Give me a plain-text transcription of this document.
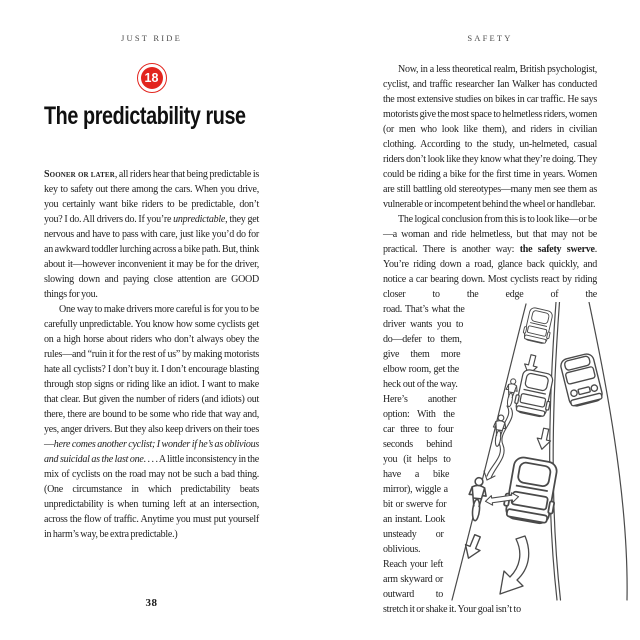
JUST RIDE
18
The predictability ruse

Sooner or later, all riders hear that being predictable is key to safety out there among the cars. When you drive, you certainly want bike riders to be predictable, don’t you? I do. All drivers do. If you’re unpredictable, they get nervous and have to pass with care, just like you’d do for an awkward toddler lurching across a bike path. But, think about it—however inconvenient it may be for the driver, slowing down and paying close attention are GOOD things for you.

One way to make drivers more careful is for you to be carefully unpredictable. You know how some cyclists get on a high horse about riders who don’t always obey the rules—and “ruin it for the rest of us” by making motorists hate all cyclists? I don’t buy it. I don’t encourage blasting through stop signs or riding like an idiot. I want to make that clear. But given the number of riders (and idiots) out there, there are bound to be some who ride that way and, yes, anger drivers. But they also keep drivers on their toes—here comes another cyclist; I wonder if he’s as oblivious and suicidal as the last one. . . . A little inconsistency in the mix of cyclists on the road may not be such a bad thing. (One circumstance in which predictability beats unpredictability is when turning left at an intersection, across the flow of traffic. Anytime you must put yourself in harm’s way, be extra predictable.)

38
SAFETY

Now, in a less theoretical realm, British psychologist, cyclist, and traffic researcher Ian Walker has conducted the most extensive studies on bikes in car traffic. He says motorists give the most space to helmetless riders, women (or men who look like them), and riders in civilian clothing. According to the study, un-helmeted, casual riders don’t look like they know what they’re doing. They could be riding a bike for the first time in years. Women are still battling old stereotypes—many men see them as vulnerable or incompetent behind the wheel or handlebar.

The logical conclusion from this is to look like—or be—a woman and ride helmetless, but that may not be practical. There is another way: the safety swerve. You’re riding down a road, glance back quickly, and notice a car bearing down. Most cyclists react by riding closer to the edge of the

road. That’s what the driver wants you to do—defer to them, give them more elbow room, get the heck out of the way. Here’s another option: With the car three to four seconds behind you (it helps to have a bike mirror), wiggle a bit or swerve for an instant. Look unsteady or oblivious. Reach your left arm skyward or outward to stretch it or shake it. Your goal isn’t to
